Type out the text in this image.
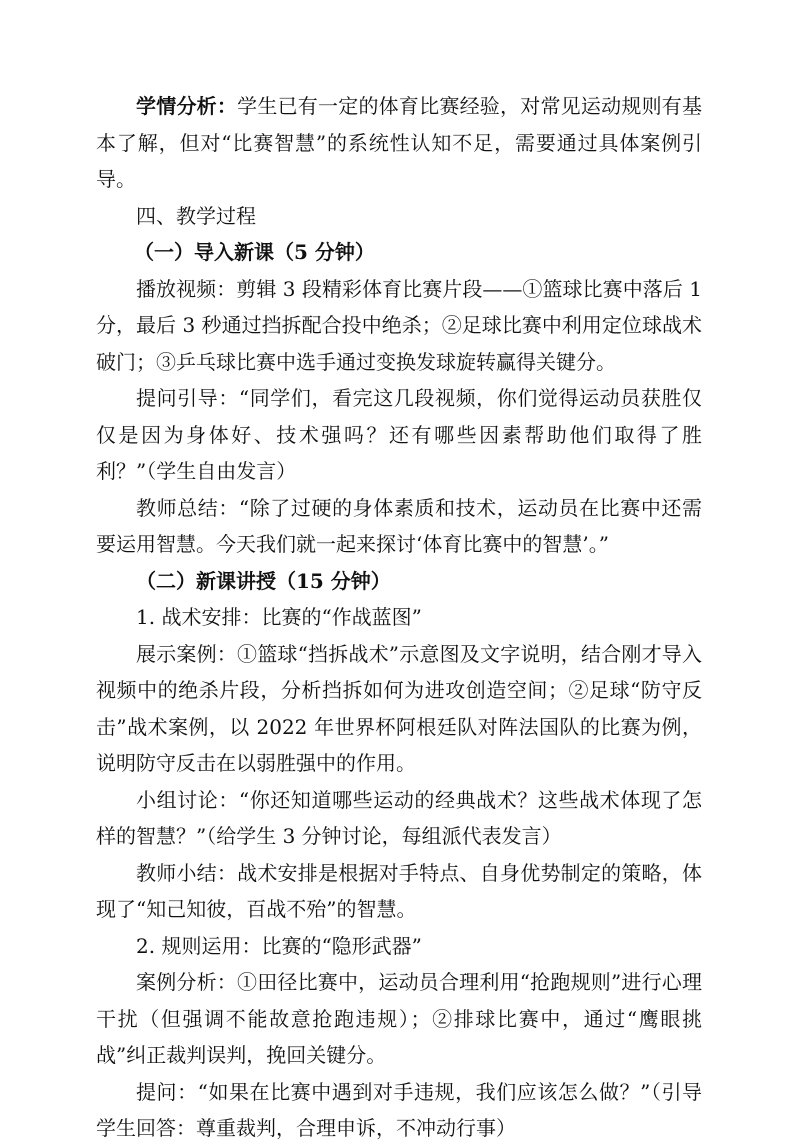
学情分析：学生已有一定的体育比赛经验，对常见运动规则有基本了解，但对“比赛智慧”的系统性认知不足，需要通过具体案例引导。

四、教学过程

（一）导入新课（5 分钟）

播放视频：剪辑 3 段精彩体育比赛片段——①篮球比赛中落后 1 分，最后 3 秒通过挡拆配合投中绝杀；②足球比赛中利用定位球战术破门；③乒乓球比赛中选手通过变换发球旋转赢得关键分。

提问引导：“同学们，看完这几段视频，你们觉得运动员获胜仅仅是因为身体好、技术强吗？还有哪些因素帮助他们取得了胜利？”（学生自由发言）

教师总结：“除了过硬的身体素质和技术，运动员在比赛中还需要运用智慧。今天我们就一起来探讨‘体育比赛中的智慧’。”

（二）新课讲授（15 分钟）

1. 战术安排：比赛的“作战蓝图”

展示案例：①篮球“挡拆战术”示意图及文字说明，结合刚才导入视频中的绝杀片段，分析挡拆如何为进攻创造空间；②足球“防守反击”战术案例，以 2022 年世界杯阿根廷队对阵法国队的比赛为例，说明防守反击在以弱胜强中的作用。

小组讨论：“你还知道哪些运动的经典战术？这些战术体现了怎样的智慧？”（给学生 3 分钟讨论，每组派代表发言）

教师小结：战术安排是根据对手特点、自身优势制定的策略，体现了“知己知彼，百战不殆”的智慧。

2. 规则运用：比赛的“隐形武器”

案例分析：①田径比赛中，运动员合理利用“抢跑规则”进行心理干扰（但强调不能故意抢跑违规）；②排球比赛中，通过“鹰眼挑战”纠正裁判误判，挽回关键分。

提问：“如果在比赛中遇到对手违规，我们应该怎么做？”（引导学生回答：尊重裁判，合理申诉，不冲动行事）
